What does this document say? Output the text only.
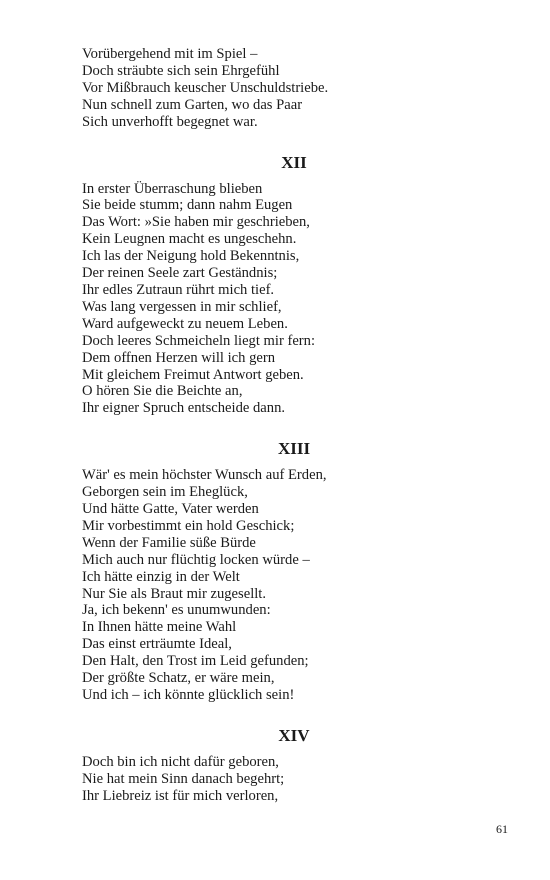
Vorübergehend mit im Spiel –
Doch sträubte sich sein Ehrgefühl
Vor Mißbrauch keuscher Unschuldstriebe.
Nun schnell zum Garten, wo das Paar
Sich unverhofft begegnet war.
XII
In erster Überraschung blieben
Sie beide stumm; dann nahm Eugen
Das Wort: »Sie haben mir geschrieben,
Kein Leugnen macht es ungeschehn.
Ich las der Neigung hold Bekenntnis,
Der reinen Seele zart Geständnis;
Ihr edles Zutraun rührt mich tief.
Was lang vergessen in mir schlief,
Ward aufgeweckt zu neuem Leben.
Doch leeres Schmeicheln liegt mir fern:
Dem offnen Herzen will ich gern
Mit gleichem Freimut Antwort geben.
O hören Sie die Beichte an,
Ihr eigner Spruch entscheide dann.
XIII
Wär' es mein höchster Wunsch auf Erden,
Geborgen sein im Eheglück,
Und hätte Gatte, Vater werden
Mir vorbestimmt ein hold Geschick;
Wenn der Familie süße Bürde
Mich auch nur flüchtig locken würde –
Ich hätte einzig in der Welt
Nur Sie als Braut mir zugesellt.
Ja, ich bekenn' es unumwunden:
In Ihnen hätte meine Wahl
Das einst erträumte Ideal,
Den Halt, den Trost im Leid gefunden;
Der größte Schatz, er wäre mein,
Und ich – ich könnte glücklich sein!
XIV
Doch bin ich nicht dafür geboren,
Nie hat mein Sinn danach begehrt;
Ihr Liebreiz ist für mich verloren,
61
